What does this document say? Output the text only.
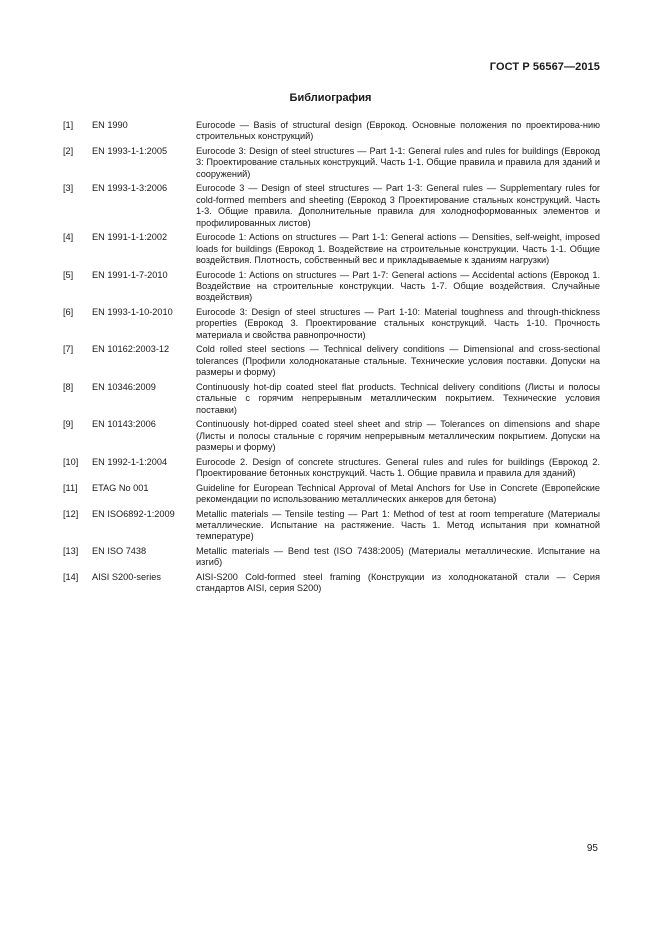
ГОСТ Р 56567—2015
Библиография
[1]	EN 1990	Eurocode — Basis of structural design (Еврокод. Основные положения по проектирова-нию строительных конструкций)
[2]	EN 1993-1-1:2005	Eurocode 3: Design of steel structures — Part 1-1: General rules and rules for buildings (Еврокод 3: Проектирование стальных конструкций. Часть 1-1. Общие правила и правила для зданий и сооружений)
[3]	EN 1993-1-3:2006	Eurocode 3 — Design of steel structures — Part 1-3: General rules — Supplementary rules for cold-formed members and sheeting (Еврокод 3 Проектирование стальных конструкций. Часть 1-3. Общие правила. Дополнительные правила для холодноформованных элементов и профилированных листов)
[4]	EN 1991-1-1:2002	Eurocode 1: Actions on structures — Part 1-1: General actions — Densities, self-weight, imposed loads for buildings (Еврокод 1. Воздействие на строительные конструкции. Часть 1-1. Общие воздействия. Плотность, собственный вес и прикладываемые к зданиям нагрузки)
[5]	EN 1991-1-7-2010	Eurocode 1: Actions on structures — Part 1-7: General actions — Accidental actions (Еврокод 1. Воздействие на строительные конструкции. Часть 1-7. Общие воздействия. Случайные воздействия)
[6]	EN 1993-1-10-2010	Eurocode 3: Design of steel structures — Part 1-10: Material toughness and through-thickness properties (Еврокод 3. Проектирование стальных конструкций. Часть 1-10. Прочность материала и свойства равнопрочности)
[7]	EN 10162:2003-12	Cold rolled steel sections — Technical delivery conditions — Dimensional and cross-sectional tolerances (Профили холоднокатаные стальные. Технические условия поставки. Допуски на размеры и форму)
[8]	EN 10346:2009	Continuously hot-dip coated steel flat products. Technical delivery conditions (Листы и полосы стальные с горячим непрерывным металлическим покрытием. Технические условия поставки)
[9]	EN 10143:2006	Continuously hot-dipped coated steel sheet and strip — Tolerances on dimensions and shape (Листы и полосы стальные с горячим непрерывным металлическим покрытием. Допуски на размеры и форму)
[10]	EN 1992-1-1:2004	Eurocode 2. Design of concrete structures. General rules and rules for buildings (Еврокод 2. Проектирование бетонных конструкций. Часть 1. Общие правила и правила для зданий)
[11]	ETAG No 001	Guideline for European Technical Approval of Metal Anchors for Use in Concrete (Европейские рекомендации по использованию металлических анкеров для бетона)
[12]	EN ISO6892-1:2009	Metallic materials — Tensile testing — Part 1: Method of test at room temperature (Материалы металлические. Испытание на растяжение. Часть 1. Метод испытания при комнатной температуре)
[13]	EN ISO 7438	Metallic materials — Bend test (ISO 7438:2005) (Материалы металлические. Испытание на изгиб)
[14]	AISI S200-series	AISI-S200 Cold-formed steel framing (Конструкции из холоднокатаной стали — Серия стандартов AISI, серия S200)
95
